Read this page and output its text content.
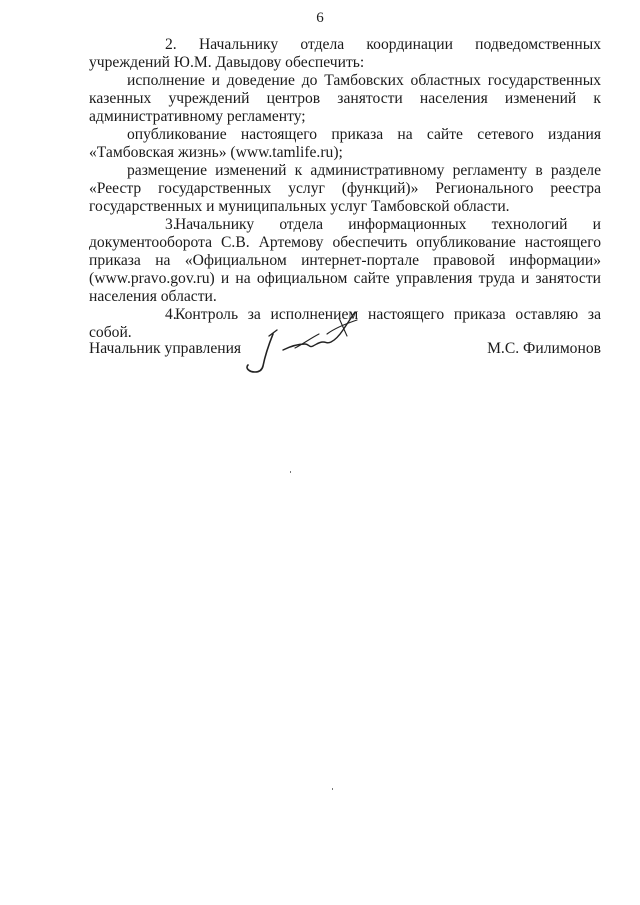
6

2. Начальнику отдела координации подведомственных учреждений Ю.М. Давыдову обеспечить:

исполнение и доведение до Тамбовских областных государственных казенных учреждений центров занятости населения изменений к административному регламенту;

опубликование настоящего приказа на сайте сетевого издания «Тамбовская жизнь» (www.tamlife.ru);

размещение изменений к административному регламенту в разделе «Реестр государственных услуг (функций)» Регионального реестра государственных и муниципальных услуг Тамбовской области.

3.Начальнику отдела информационных технологий и документооборота С.В. Артемову обеспечить опубликование настоящего приказа на «Официальном интернет-портале правовой информации» (www.pravo.gov.ru) и на официальном сайте управления труда и занятости населения области.

4.Контроль за исполнением настоящего приказа оставляю за собой.

Начальник управления	М.С. Филимонов
